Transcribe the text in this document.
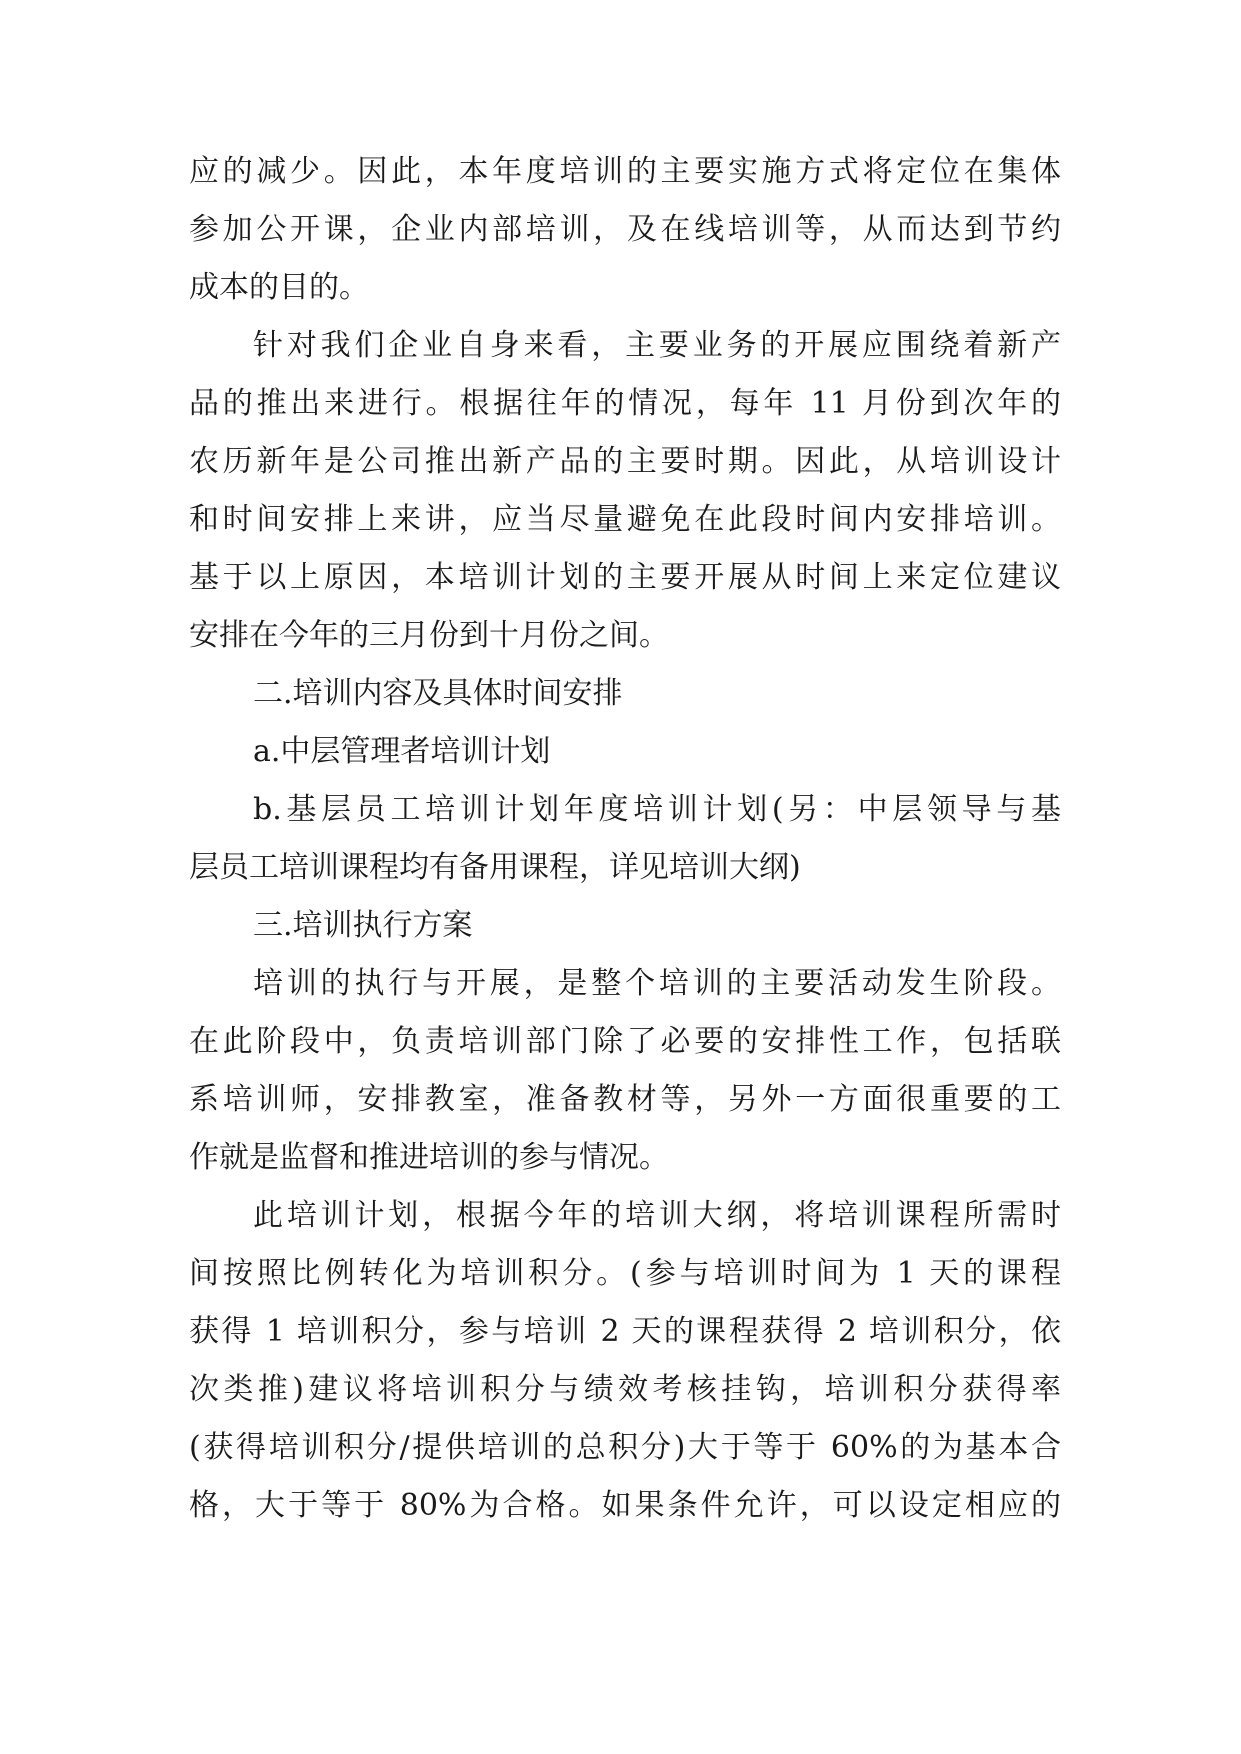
应的减少。因此，本年度培训的主要实施方式将定位在集体
参加公开课，企业内部培训，及在线培训等，从而达到节约
成本的目的。
针对我们企业自身来看，主要业务的开展应围绕着新产
品的推出来进行。根据往年的情况，每年 11 月份到次年的
农历新年是公司推出新产品的主要时期。因此，从培训设计
和时间安排上来讲，应当尽量避免在此段时间内安排培训。
基于以上原因，本培训计划的主要开展从时间上来定位建议
安排在今年的三月份到十月份之间。
二.培训内容及具体时间安排
a.中层管理者培训计划
b.基层员工培训计划年度培训计划(另：中层领导与基
层员工培训课程均有备用课程，详见培训大纲)
三.培训执行方案
培训的执行与开展，是整个培训的主要活动发生阶段。
在此阶段中，负责培训部门除了必要的安排性工作，包括联
系培训师，安排教室，准备教材等，另外一方面很重要的工
作就是监督和推进培训的参与情况。
此培训计划，根据今年的培训大纲，将培训课程所需时
间按照比例转化为培训积分。(参与培训时间为 1 天的课程
获得 1 培训积分，参与培训 2 天的课程获得 2 培训积分，依
次类推)建议将培训积分与绩效考核挂钩，培训积分获得率
(获得培训积分/提供培训的总积分)大于等于 60%的为基本合
格，大于等于 80%为合格。如果条件允许，可以设定相应的
